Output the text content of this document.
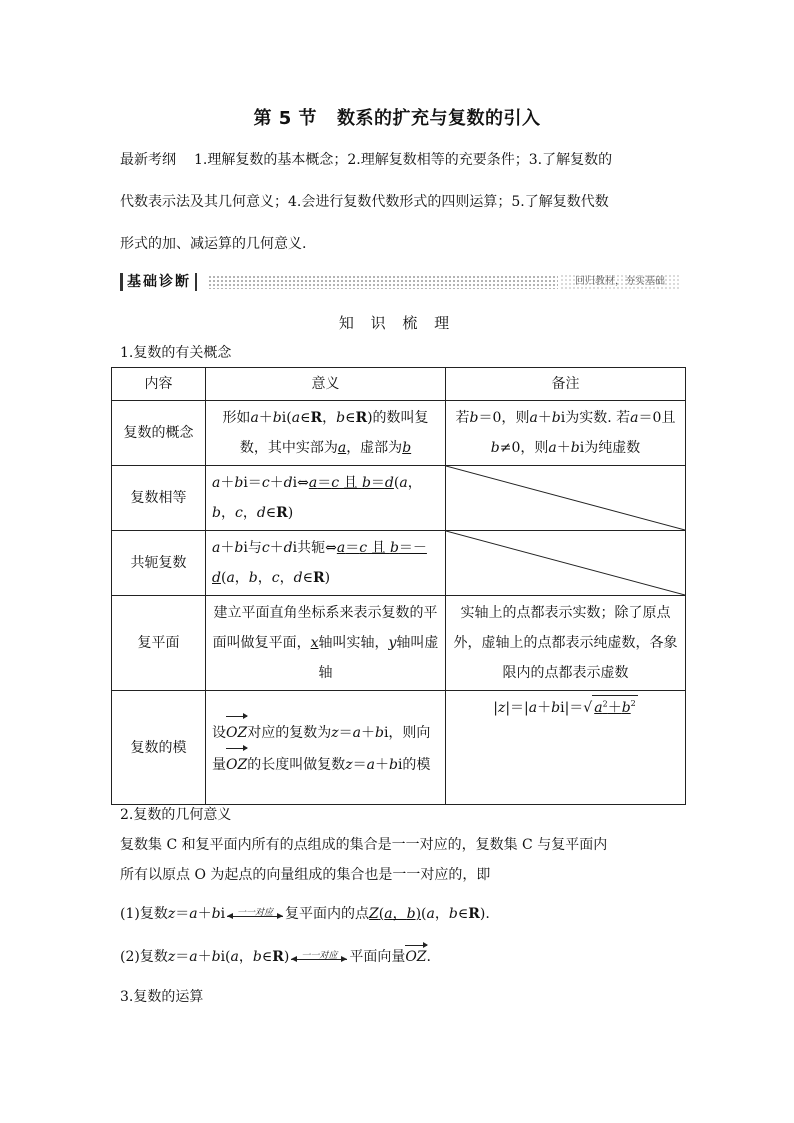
第 5 节 数系的扩充与复数的引入
最新考纲 1.理解复数的基本概念；2.理解复数相等的充要条件；3.了解复数的
代数表示法及其几何意义；4.会进行复数代数形式的四则运算；5.了解复数代数
形式的加、减运算的几何意义.
基础诊断	回归教材，夯实基础
知 识 梳 理
1.复数的有关概念
内容	意义	备注
复数的概念	形如a＋bi(a∈R，b∈R)的数叫复数，其中实部为a，虚部为b	若b＝0，则a＋bi为实数. 若a＝0且b≠0，则a＋bi为纯虚数
复数相等	a＋bi＝c＋di⇔a＝c 且 b＝d(a，b，c，d∈R)	

共轭复数	a＋bi与c＋di共轭⇔a＝c 且 b＝－d(a，b，c，d∈R)	

复平面	建立平面直角坐标系来表示复数的平面叫做复平面，x轴叫实轴，y轴叫虚轴	实轴上的点都表示实数；除了原点外，虚轴上的点都表示纯虚数，各象限内的点都表示虚数
复数的模	设OZ对应的复数为z＝a＋bi，则向量OZ的长度叫做复数z＝a＋bi的模	|z|＝|a＋bi|＝√ $a^2+b^2$
2.复数的几何意义
复数集 C 和复平面内所有的点组成的集合是一一对应的，复数集 C 与复平面内
所有以原点 O 为起点的向量组成的集合也是一一对应的，即
(1)复数z＝a＋bi	一一对应 复平面内的点Z(a，b)(a，b∈R).
(2)复数z＝a＋bi(a，b∈R)	一一对应 平面向量OZ.
3.复数的运算
